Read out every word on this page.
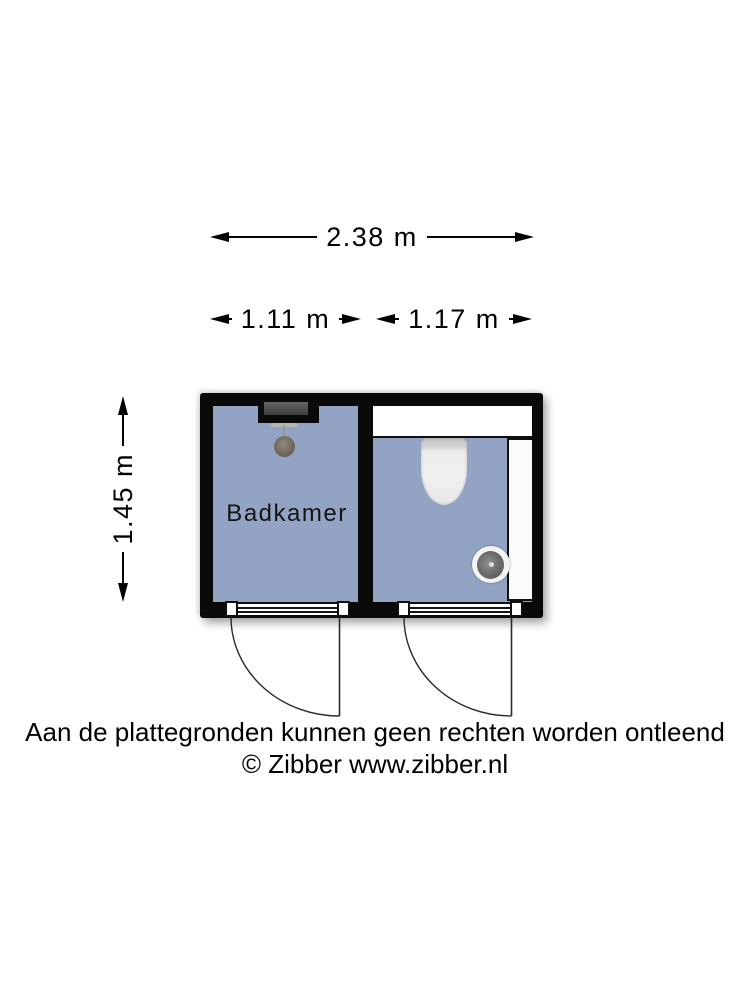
2.38 m
1.11 m	1.17 m
1.45 m	Badkamer
Aan de plattegronden kunnen geen rechten worden ontleend
© Zibber www.zibber.nl
